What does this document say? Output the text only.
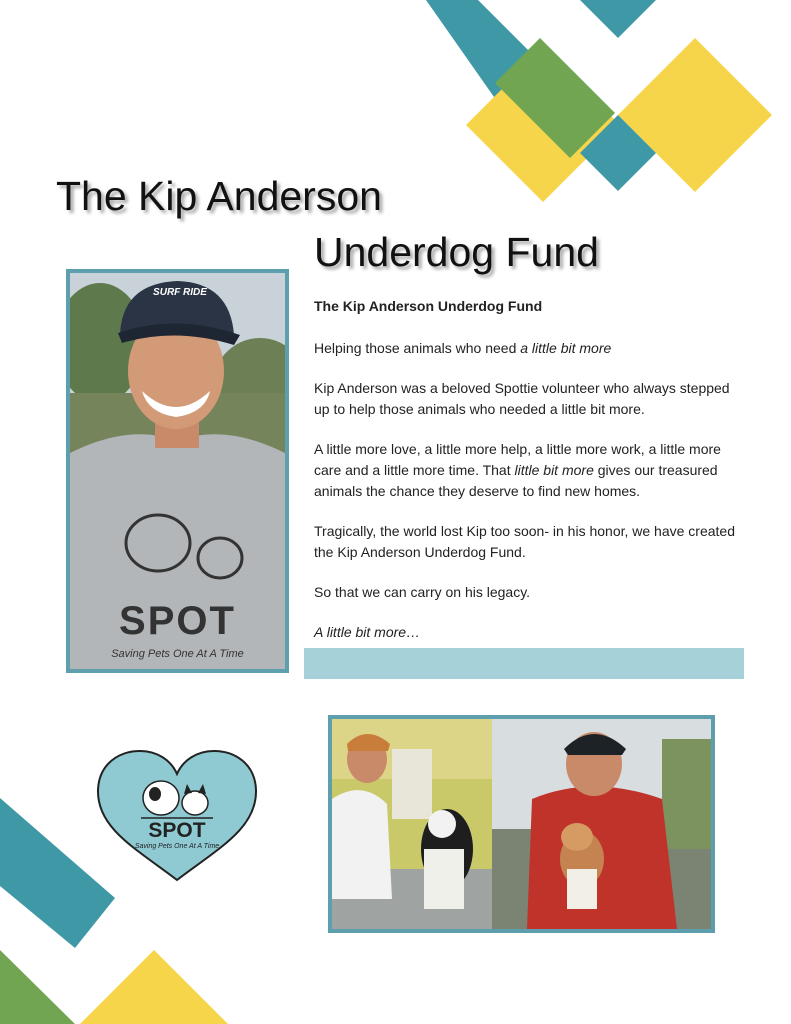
The Kip Anderson
Underdog Fund
SURF RIDE
SPOT
Saving Pets One At A Time

The Kip Anderson Underdog Fund

Helping those animals who need a little bit more

Kip Anderson was a beloved Spottie volunteer who always stepped up to help those animals who needed a little bit more.

A little more love, a little more help, a little more work, a little more care and a little more time. That little bit more gives our treasured animals the chance they deserve to find new homes.

Tragically, the world lost Kip too soon- in his honor, we have created the Kip Anderson Underdog Fund.

So that we can carry on his legacy.

A little bit more…

SPOT
Saving Pets One At A Time
